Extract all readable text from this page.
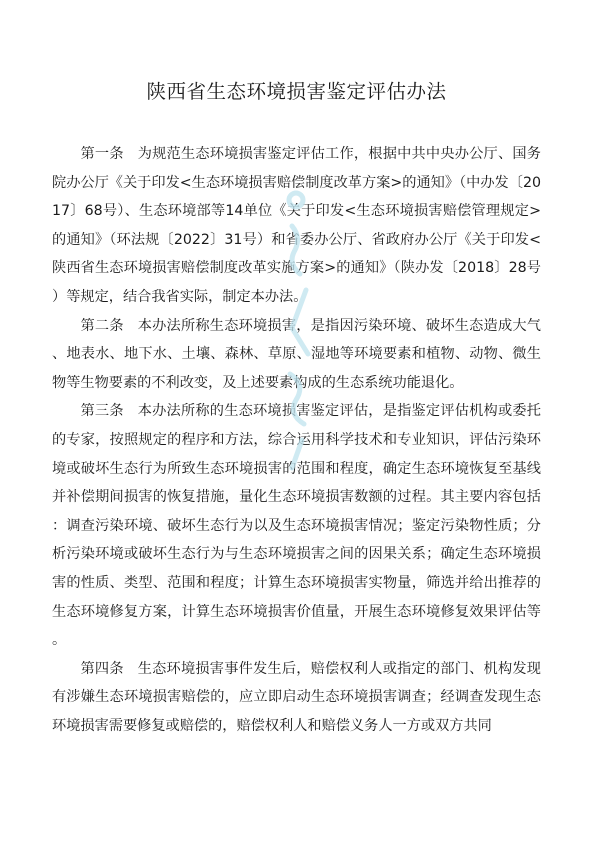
陕西省生态环境损害鉴定评估办法

第一条 为规范生态环境损害鉴定评估工作，根据中共中央办公厅、国务院办公厅《关于印发<生态环境损害赔偿制度改革方案>的通知》（中办发〔2017〕68号）、生态环境部等14单位《关于印发<生态环境损害赔偿管理规定>的通知》（环法规〔2022〕31号）和省委办公厅、省政府办公厅《关于印发<陕西省生态环境损害赔偿制度改革实施方案>的通知》（陕办发〔2018〕28号）等规定，结合我省实际，制定本办法。

第二条 本办法所称生态环境损害，是指因污染环境、破坏生态造成大气、地表水、地下水、土壤、森林、草原、湿地等环境要素和植物、动物、微生物等生物要素的不利改变，及上述要素构成的生态系统功能退化。

第三条 本办法所称的生态环境损害鉴定评估，是指鉴定评估机构或委托的专家，按照规定的程序和方法，综合运用科学技术和专业知识，评估污染环境或破坏生态行为所致生态环境损害的范围和程度，确定生态环境恢复至基线并补偿期间损害的恢复措施，量化生态环境损害数额的过程。其主要内容包括：调查污染环境、破坏生态行为以及生态环境损害情况；鉴定污染物性质；分析污染环境或破坏生态行为与生态环境损害之间的因果关系；确定生态环境损害的性质、类型、范围和程度；计算生态环境损害实物量，筛选并给出推荐的生态环境修复方案，计算生态环境损害价值量，开展生态环境修复效果评估等。

第四条 生态环境损害事件发生后，赔偿权利人或指定的部门、机构发现有涉嫌生态环境损害赔偿的，应立即启动生态环境损害调查；经调查发现生态环境损害需要修复或赔偿的，赔偿权利人和赔偿义务人一方或双方共同
